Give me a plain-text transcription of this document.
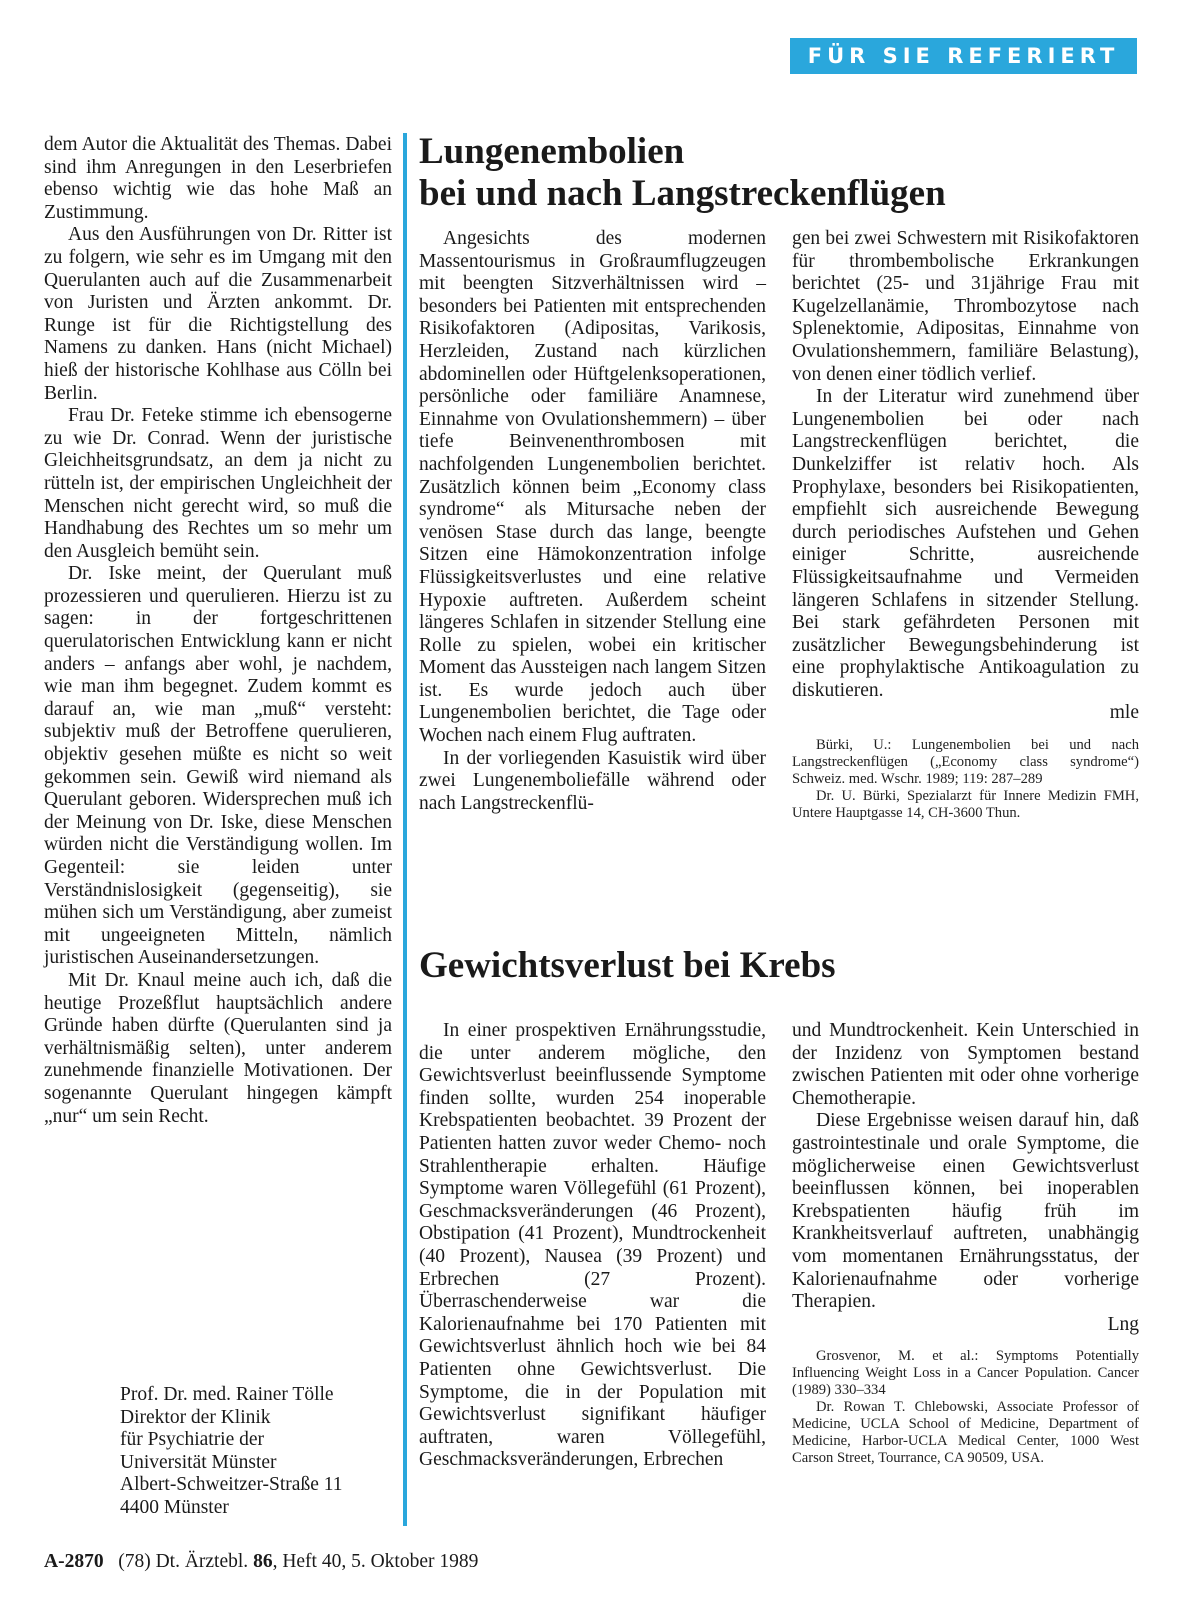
FÜR SIE REFERIERT

dem Autor die Aktualität des Themas. Dabei sind ihm Anregungen in den Leserbriefen ebenso wichtig wie das hohe Maß an Zustimmung.

Aus den Ausführungen von Dr. Ritter ist zu folgern, wie sehr es im Umgang mit den Querulanten auch auf die Zusammenarbeit von Juristen und Ärzten ankommt. Dr. Runge ist für die Richtigstellung des Namens zu danken. Hans (nicht Michael) hieß der historische Kohlhase aus Cölln bei Berlin.

Frau Dr. Feteke stimme ich ebensogerne zu wie Dr. Conrad. Wenn der juristische Gleichheitsgrundsatz, an dem ja nicht zu rütteln ist, der empirischen Ungleichheit der Menschen nicht gerecht wird, so muß die Handhabung des Rechtes um so mehr um den Ausgleich bemüht sein.

Dr. Iske meint, der Querulant muß prozessieren und querulieren. Hierzu ist zu sagen: in der fortgeschrittenen querulatorischen Entwicklung kann er nicht anders – anfangs aber wohl, je nachdem, wie man ihm begegnet. Zudem kommt es darauf an, wie man „muß“ versteht: subjektiv muß der Betroffene querulieren, objektiv gesehen müßte es nicht so weit gekommen sein. Gewiß wird niemand als Querulant geboren. Widersprechen muß ich der Meinung von Dr. Iske, diese Menschen würden nicht die Verständigung wollen. Im Gegenteil: sie leiden unter Verständnislosigkeit (gegenseitig), sie mühen sich um Verständigung, aber zumeist mit ungeeigneten Mitteln, nämlich juristischen Auseinandersetzungen.

Mit Dr. Knaul meine auch ich, daß die heutige Prozeßflut hauptsächlich andere Gründe haben dürfte (Querulanten sind ja verhältnismäßig selten), unter anderem zunehmende finanzielle Motivationen. Der sogenannte Querulant hingegen kämpft „nur“ um sein Recht.

Prof. Dr. med. Rainer Tölle
Direktor der Klinik
für Psychiatrie der
Universität Münster
Albert-Schweitzer-Straße 11
4400 Münster
Lungenembolien
bei und nach Langstreckenflügen

Angesichts des modernen Massentourismus in Großraumflugzeugen mit beengten Sitzverhältnissen wird – besonders bei Patienten mit entsprechenden Risikofaktoren (Adipositas, Varikosis, Herzleiden, Zustand nach kürzlichen abdominellen oder Hüftgelenksoperationen, persönliche oder familiäre Anamnese, Einnahme von Ovulationshemmern) – über tiefe Beinvenenthrombosen mit nachfolgenden Lungenembolien berichtet. Zusätzlich können beim „Economy class syndrome“ als Mitursache neben der venösen Stase durch das lange, beengte Sitzen eine Hämokonzentration infolge Flüssigkeitsverlustes und eine relative Hypoxie auftreten. Außerdem scheint längeres Schlafen in sitzender Stellung eine Rolle zu spielen, wobei ein kritischer Moment das Aussteigen nach langem Sitzen ist. Es wurde jedoch auch über Lungenembolien berichtet, die Tage oder Wochen nach einem Flug auftraten.

In der vorliegenden Kasuistik wird über zwei Lungenemboliefälle während oder nach Langstreckenflü-

gen bei zwei Schwestern mit Risikofaktoren für thrombembolische Erkrankungen berichtet (25- und 31jährige Frau mit Kugelzellanämie, Thrombozytose nach Splenektomie, Adipositas, Einnahme von Ovulationshemmern, familiäre Belastung), von denen einer tödlich verlief.

In der Literatur wird zunehmend über Lungenembolien bei oder nach Langstreckenflügen berichtet, die Dunkelziffer ist relativ hoch. Als Prophylaxe, besonders bei Risikopatienten, empfiehlt sich ausreichende Bewegung durch periodisches Aufstehen und Gehen einiger Schritte, ausreichende Flüssigkeitsaufnahme und Vermeiden längeren Schlafens in sitzender Stellung. Bei stark gefährdeten Personen mit zusätzlicher Bewegungsbehinderung ist eine prophylaktische Antikoagulation zu diskutieren.

mle

Bürki, U.: Lungenembolien bei und nach Langstreckenflügen („Economy class syndrome“) Schweiz. med. Wschr. 1989; 119: 287–289

Dr. U. Bürki, Spezialarzt für Innere Medizin FMH, Untere Hauptgasse 14, CH-3600 Thun.

Gewichtsverlust bei Krebs

In einer prospektiven Ernährungsstudie, die unter anderem mögliche, den Gewichtsverlust beeinflussende Symptome finden sollte, wurden 254 inoperable Krebspatienten beobachtet. 39 Prozent der Patienten hatten zuvor weder Chemo- noch Strahlentherapie erhalten. Häufige Symptome waren Völlegefühl (61 Prozent), Geschmacksveränderungen (46 Prozent), Obstipation (41 Prozent), Mundtrockenheit (40 Prozent), Nausea (39 Prozent) und Erbrechen (27 Prozent). Überraschenderweise war die Kalorienaufnahme bei 170 Patienten mit Gewichtsverlust ähnlich hoch wie bei 84 Patienten ohne Gewichtsverlust. Die Symptome, die in der Population mit Gewichtsverlust signifikant häufiger auftraten, waren Völlegefühl, Geschmacksveränderungen, Erbrechen

und Mundtrockenheit. Kein Unterschied in der Inzidenz von Symptomen bestand zwischen Patienten mit oder ohne vorherige Chemotherapie.

Diese Ergebnisse weisen darauf hin, daß gastrointestinale und orale Symptome, die möglicherweise einen Gewichtsverlust beeinflussen können, bei inoperablen Krebspatienten häufig früh im Krankheitsverlauf auftreten, unabhängig vom momentanen Ernährungsstatus, der Kalorienaufnahme oder vorherige Therapien.

Lng

Grosvenor, M. et al.: Symptoms Potentially Influencing Weight Loss in a Cancer Population. Cancer (1989) 330–334

Dr. Rowan T. Chlebowski, Associate Professor of Medicine, UCLA School of Medicine, Department of Medicine, Harbor-UCLA Medical Center, 1000 West Carson Street, Tourrance, CA 90509, USA.

A-2870 (78) Dt. Ärztebl. 86, Heft 40, 5. Oktober 1989
